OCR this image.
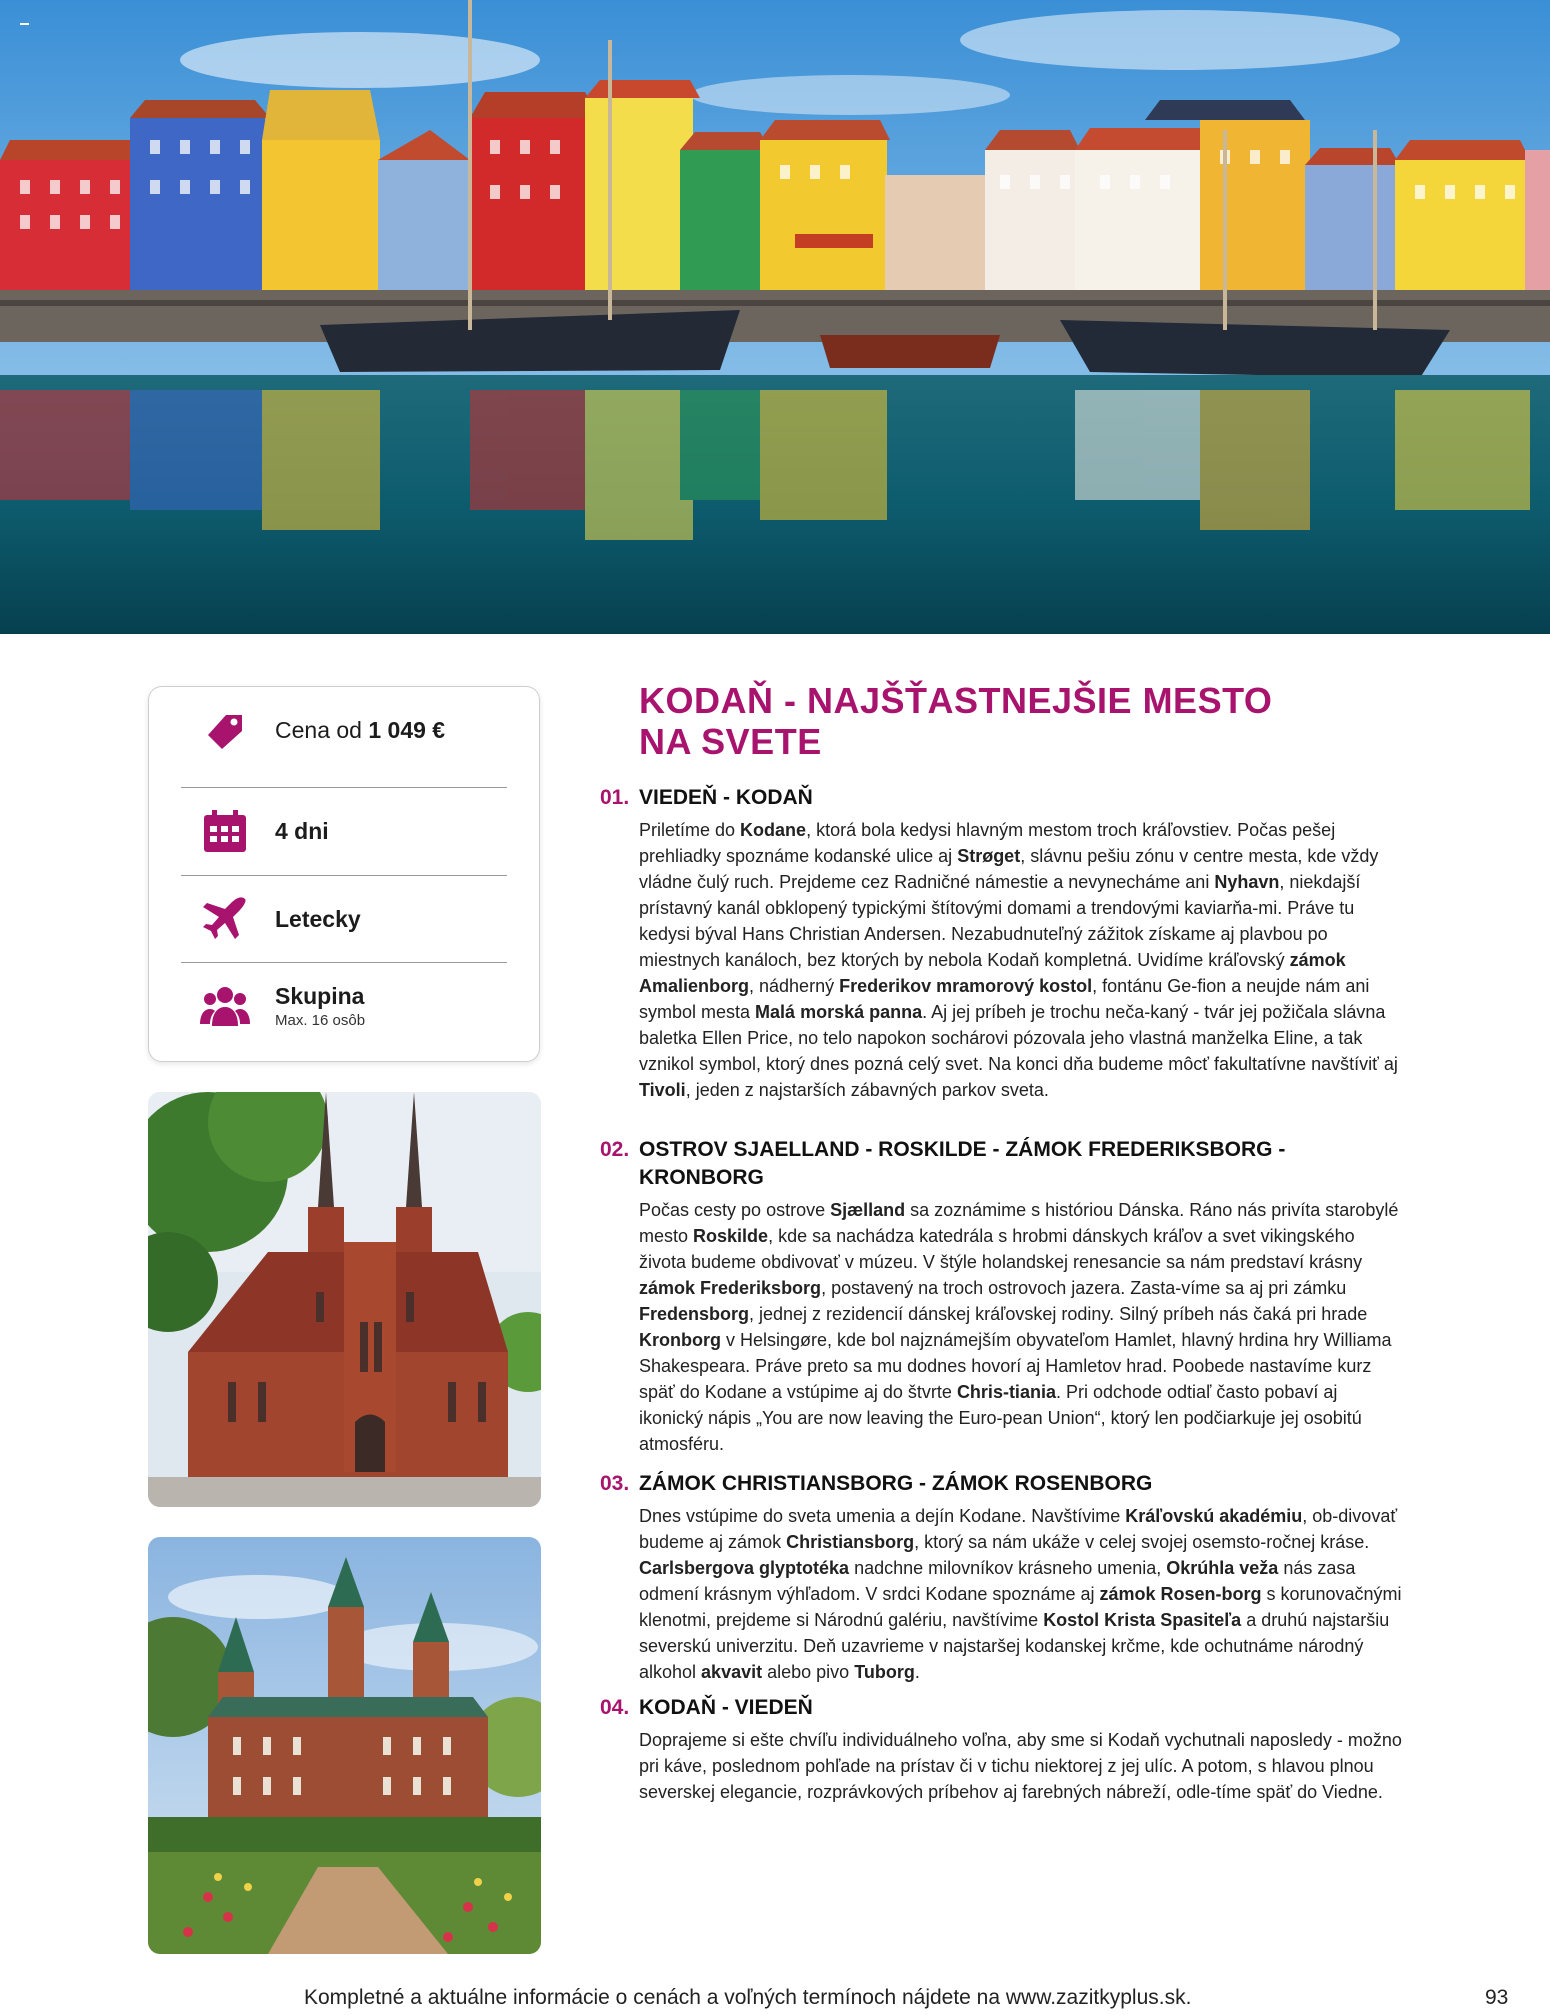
Cena od 1 049 €
4 dni
Letecky
Skupina
Max. 16 osôb
KODAŇ - NAJŠŤASTNEJŠIE MESTO
NA SVETE
01. VIEDEŇ - KODAŇ
Priletíme do Kodane, ktorá bola kedysi hlavným mestom troch kráľovstiev. Počas pešej prehliadky spoznáme kodanské ulice aj Strøget, slávnu pešiu zónu v centre mesta, kde vždy vládne čulý ruch. Prejdeme cez Radničné námestie a nevynecháme ani Nyhavn, niekdajší prístavný kanál obklopený typickými štítovými domami a trendovými kaviarňa-mi. Práve tu kedysi býval Hans Christian Andersen. Nezabudnuteľný zážitok získame aj plavbou po miestnych kanáloch, bez ktorých by nebola Kodaň kompletná. Uvidíme kráľovský zámok Amalienborg, nádherný Frederikov mramorový kostol, fontánu Ge-fion a neujde nám ani symbol mesta Malá morská panna. Aj jej príbeh je trochu neča-kaný - tvár jej požičala slávna baletka Ellen Price, no telo napokon sochárovi pózovala jeho vlastná manželka Eline, a tak vznikol symbol, ktorý dnes pozná celý svet. Na konci dňa budeme môcť fakultatívne navštíviť aj Tivoli, jeden z najstarších zábavných parkov sveta.
02. OSTROV SJAELLAND - ROSKILDE - ZÁMOK FREDERIKSBORG - KRONBORG
Počas cesty po ostrove Sjælland sa zoznámime s históriou Dánska. Ráno nás privíta starobylé mesto Roskilde, kde sa nachádza katedrála s hrobmi dánskych kráľov a svet vikingského života budeme obdivovať v múzeu. V štýle holandskej renesancie sa nám predstaví krásny zámok Frederiksborg, postavený na troch ostrovoch jazera. Zasta-víme sa aj pri zámku Fredensborg, jednej z rezidencií dánskej kráľovskej rodiny. Silný príbeh nás čaká pri hrade Kronborg v Helsingøre, kde bol najznámejším obyvateľom Hamlet, hlavný hrdina hry Williama Shakespeara. Práve preto sa mu dodnes hovorí aj Hamletov hrad. Poobede nastavíme kurz späť do Kodane a vstúpime aj do štvrte Chris-tiania. Pri odchode odtiaľ často pobaví aj ikonický nápis „You are now leaving the Euro-pean Union“, ktorý len podčiarkuje jej osobitú atmosféru.
03. ZÁMOK CHRISTIANSBORG - ZÁMOK ROSENBORG
Dnes vstúpime do sveta umenia a dejín Kodane. Navštívime Kráľovskú akadémiu, ob-divovať budeme aj zámok Christiansborg, ktorý sa nám ukáže v celej svojej osemsto-ročnej kráse. Carlsbergova glyptotéka nadchne milovníkov krásneho umenia, Okrúhla veža nás zasa odmení krásnym výhľadom. V srdci Kodane spoznáme aj zámok Rosen-borg s korunovačnými klenotmi, prejdeme si Národnú galériu, navštívime Kostol Krista Spasiteľa a druhú najstaršiu severskú univerzitu. Deň uzavrieme v najstaršej kodanskej krčme, kde ochutnáme národný alkohol akvavit alebo pivo Tuborg.
04. KODAŇ - VIEDEŇ
Doprajeme si ešte chvíľu individuálneho voľna, aby sme si Kodaň vychutnali naposledy - možno pri káve, poslednom pohľade na prístav či v tichu niektorej z jej ulíc. A potom, s hlavou plnou severskej elegancie, rozprávkových príbehov aj farebných nábreží, odle-tíme späť do Viedne.
Kompletné a aktuálne informácie o cenách a voľných termínoch nájdete na www.zazitkyplus.sk.	93
